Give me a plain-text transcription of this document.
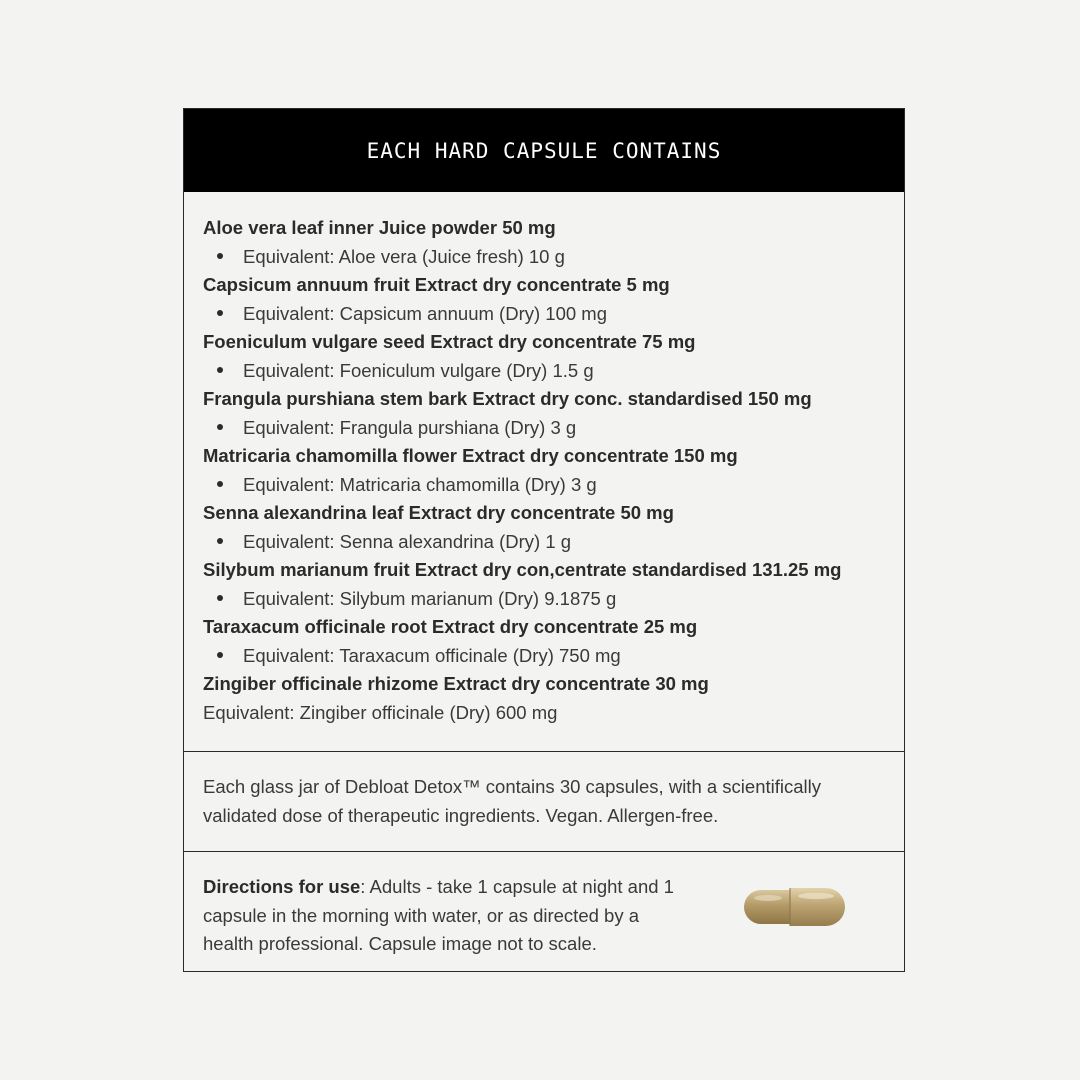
EACH HARD CAPSULE CONTAINS
Aloe vera leaf inner Juice powder 50 mg
Equivalent: Aloe vera (Juice fresh) 10 g
Capsicum annuum fruit Extract dry concentrate 5 mg
Equivalent: Capsicum annuum (Dry) 100 mg
Foeniculum vulgare seed Extract dry concentrate 75 mg
Equivalent: Foeniculum vulgare (Dry) 1.5 g
Frangula purshiana stem bark Extract dry conc. standardised 150 mg
Equivalent: Frangula purshiana (Dry) 3 g
Matricaria chamomilla flower Extract dry concentrate 150 mg
Equivalent: Matricaria chamomilla (Dry) 3 g
Senna alexandrina leaf Extract dry concentrate 50 mg
Equivalent: Senna alexandrina (Dry) 1 g
Silybum marianum fruit Extract dry con,centrate standardised 131.25 mg
Equivalent: Silybum marianum (Dry) 9.1875 g
Taraxacum officinale root Extract dry concentrate 25 mg
Equivalent: Taraxacum officinale (Dry) 750 mg
Zingiber officinale rhizome Extract dry concentrate 30 mg
Equivalent: Zingiber officinale (Dry) 600 mg

Each glass jar of Debloat Detox™ contains 30 capsules, with a scientifically validated dose of therapeutic ingredients. Vegan. Allergen-free.

Directions for use: Adults - take 1 capsule at night and 1 capsule in the morning with water, or as directed by a health professional. Capsule image not to scale.
